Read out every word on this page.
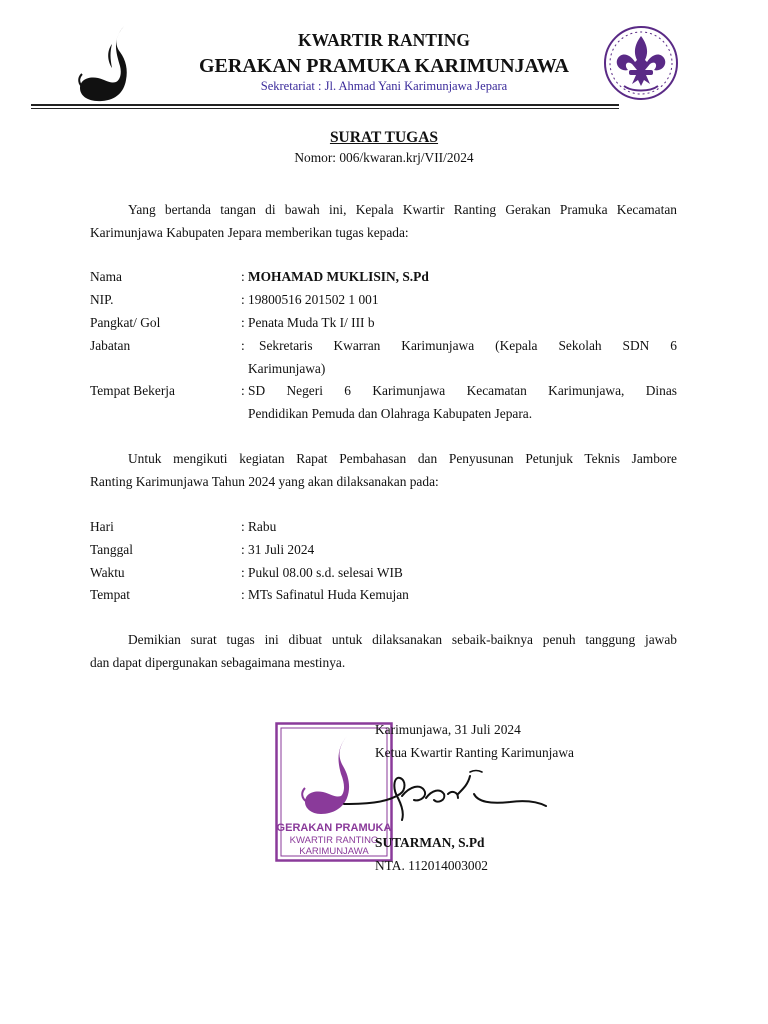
KWARTIR RANTING
GERAKAN PRAMUKA KARIMUNJAWA
Sekretariat : Jl. Ahmad Yani Karimunjawa Jepara
SURAT TUGAS
Nomor: 006/kwaran.krj/VII/2024
Yang bertanda tangan di bawah ini, Kepala Kwartir Ranting Gerakan Pramuka Kecamatan
Karimunjawa Kabupaten Jepara memberikan tugas kepada:
Nama	: MOHAMAD MUKLISIN, S.Pd
NIP.	: 19800516 201502 1 001
Pangkat/ Gol	: Penata Muda Tk I/ III b
Jabatan	: Sekretaris Kwarran Karimunjawa (Kepala Sekolah SDN 6
Karimunjawa)
Tempat Bekerja	: SD Negeri 6 Karimunjawa Kecamatan Karimunjawa, Dinas
Pendidikan Pemuda dan Olahraga Kabupaten Jepara.
Untuk mengikuti kegiatan Rapat Pembahasan dan Penyusunan Petunjuk Teknis Jambore
Ranting Karimunjawa Tahun 2024 yang akan dilaksanakan pada:
Hari	: Rabu
Tanggal	: 31 Juli 2024
Waktu	: Pukul 08.00 s.d. selesai WIB
Tempat	: MTs Safinatul Huda Kemujan
Demikian surat tugas ini dibuat untuk dilaksanakan sebaik-baiknya penuh tanggung jawab
dan dapat dipergunakan sebagaimana mestinya.
GERAKAN PRAMUKA
KWARTIR RANTING
KARIMUNJAWA
Karimunjawa, 31 Juli 2024
Ketua Kwartir Ranting Karimunjawa
SUTARMAN, S.Pd
NTA. 112014003002
